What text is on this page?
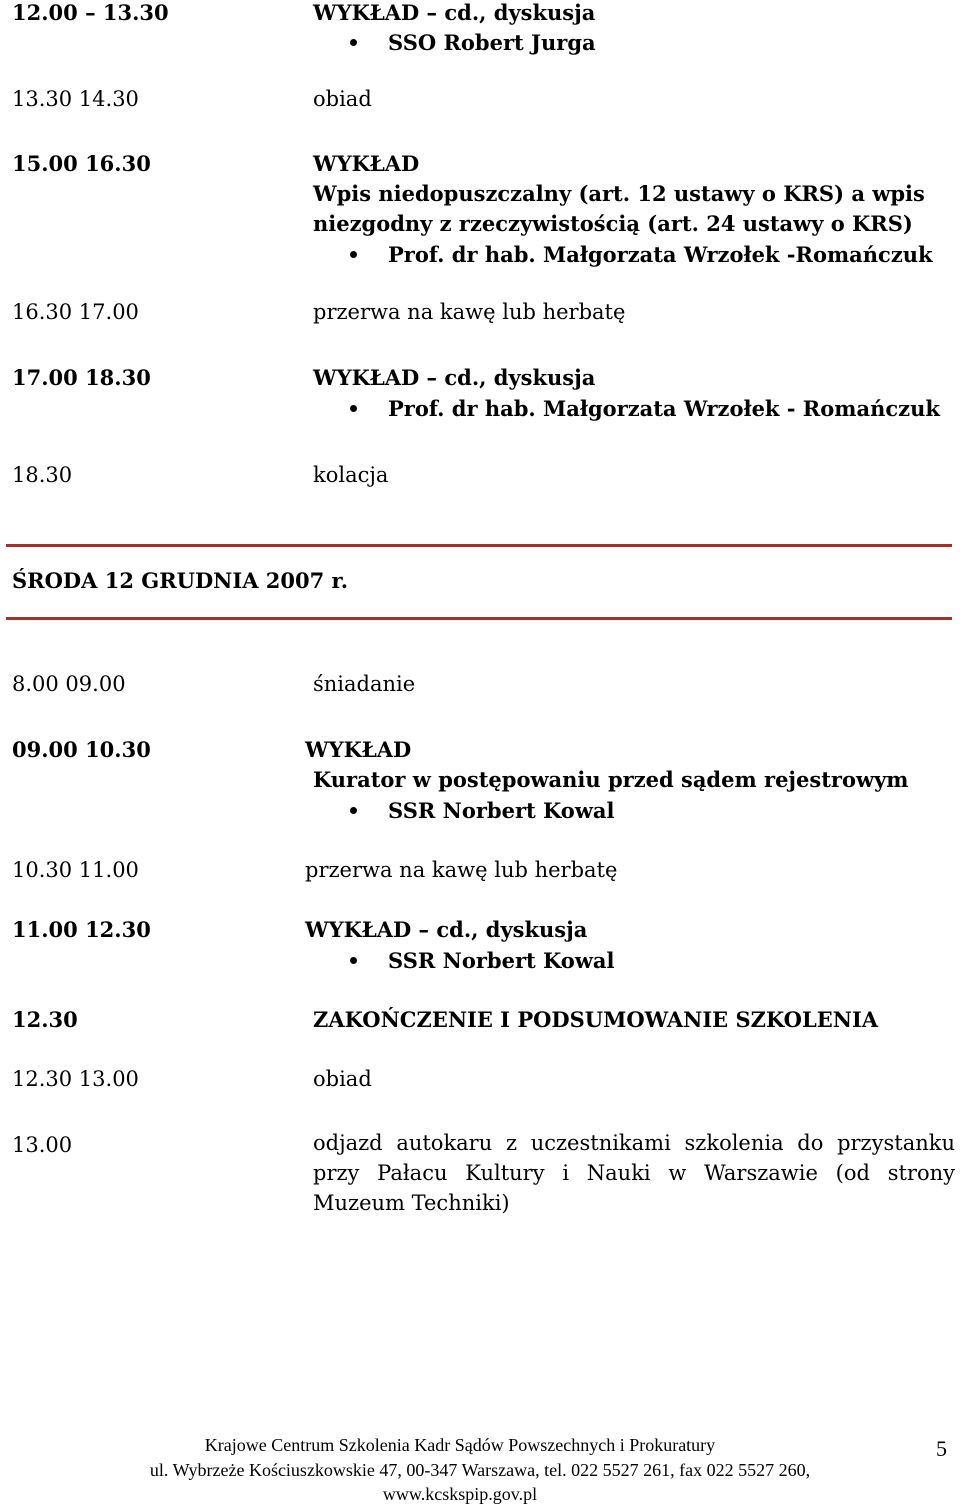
12.00 – 13.30	WYKŁAD – cd., dyskusja
SSO Robert Jurga
13.30 14.30	obiad
15.00 16.30	WYKŁAD
Wpis niedopuszczalny (art. 12 ustawy o KRS) a wpis
niezgodny z rzeczywistością (art. 24 ustawy o KRS)
Prof. dr hab. Małgorzata Wrzołek -Romańczuk
16.30 17.00	przerwa na kawę lub herbatę
17.00 18.30	WYKŁAD – cd., dyskusja
Prof. dr hab. Małgorzata Wrzołek - Romańczuk
18.30	kolacja
ŚRODA 12 GRUDNIA 2007 r.
8.00 09.00	śniadanie
09.00 10.30	WYKŁAD
Kurator w postępowaniu przed sądem rejestrowym
SSR Norbert Kowal
10.30 11.00	przerwa na kawę lub herbatę
11.00 12.30	WYKŁAD – cd., dyskusja
SSR Norbert Kowal
12.30	ZAKOŃCZENIE I PODSUMOWANIE SZKOLENIA
12.30 13.00	obiad
13.00	odjazd autokaru z uczestnikami szkolenia do przystanku
przy Pałacu Kultury i Nauki w Warszawie (od strony
Muzeum Techniki)
Krajowe Centrum Szkolenia Kadr Sądów Powszechnych i Prokuratury
ul. Wybrzeże Kościuszkowskie 47, 00-347 Warszawa, tel. 022 5527 261, fax 022 5527 260,
www.kcskspip.gov.pl
5
